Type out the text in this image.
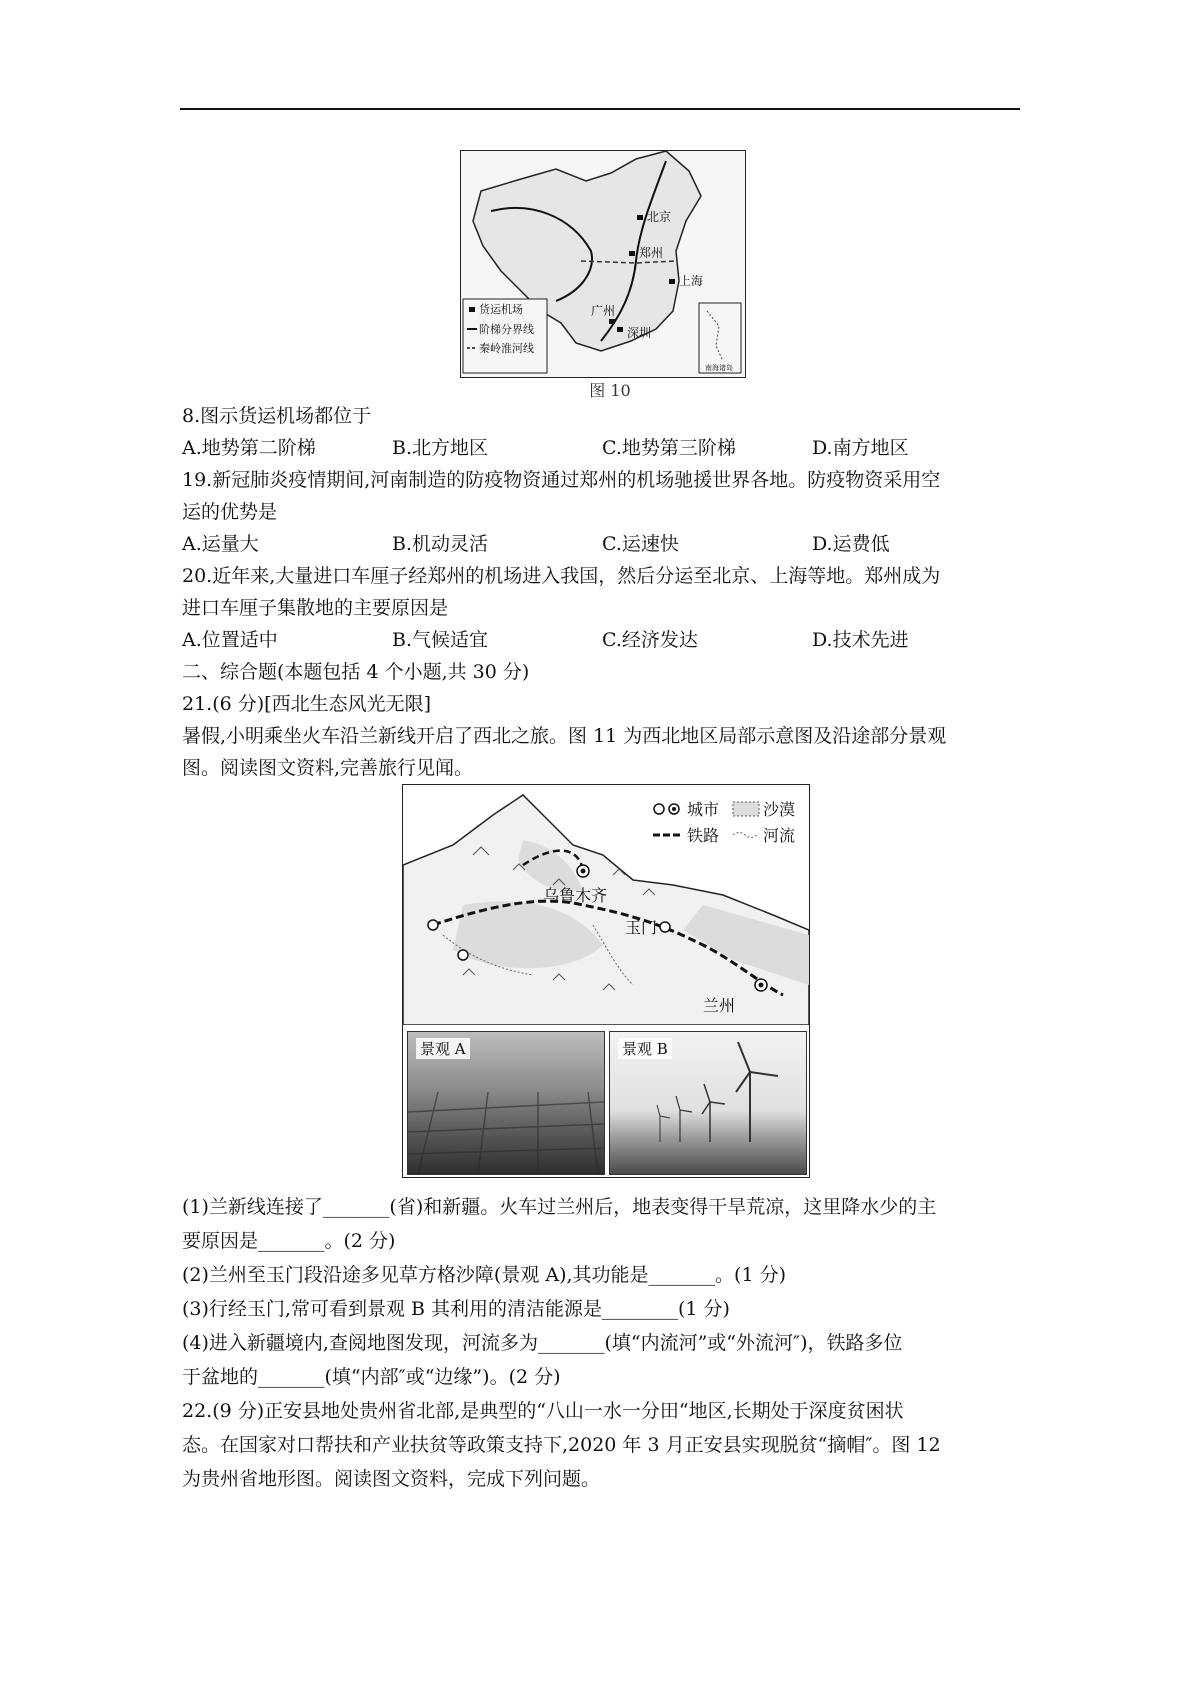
北京
郑州
上海
广州
深圳
货运机场
阶梯分界线
秦岭淮河线
南海诸岛
图 10

8.图示货运机场都位于

A.地势第二阶梯	B.北方地区	C.地势第三阶梯	D.南方地区

19.新冠肺炎疫情期间,河南制造的防疫物资通过郑州的机场驰援世界各地。防疫物资采用空

运的优势是

A.运量大	B.机动灵活	C.运速快	D.运费低

20.近年来,大量进口车厘子经郑州的机场进入我国，然后分运至北京、上海等地。郑州成为

进口车厘子集散地的主要原因是

A.位置适中	B.气候适宜	C.经济发达	D.技术先进

二、综合题(本题包括 4 个小题,共 30 分)

21.(6 分)[西北生态风光无限]

暑假,小明乘坐火车沿兰新线开启了西北之旅。图 11 为西北地区局部示意图及沿途部分景观

图。阅读图文资料,完善旅行见闻。

乌鲁木齐
玉门
兰州
城市	沙漠
铁路	河流
景观 A	景观 B

(1)兰新线连接了_______(省)和新疆。火车过兰州后，地表变得干旱荒凉，这里降水少的主

要原因是_______。(2 分)

(2)兰州至玉门段沿途多见草方格沙障(景观 A),其功能是_______。(1 分)

(3)行经玉门,常可看到景观 B 其利用的清洁能源是________(1 分)

(4)进入新疆境内,查阅地图发现，河流多为_______(填“内流河”或“外流河″)，铁路多位

于盆地的_______(填“内部″或“边缘”)。(2 分)

22.(9 分)正安县地处贵州省北部,是典型的“八山一水一分田“地区,长期处于深度贫困状

态。在国家对口帮扶和产业扶贫等政策支持下,2020 年 3 月正安县实现脱贫“摘帽″。图 12

为贵州省地形图。阅读图文资料，完成下列问题。
